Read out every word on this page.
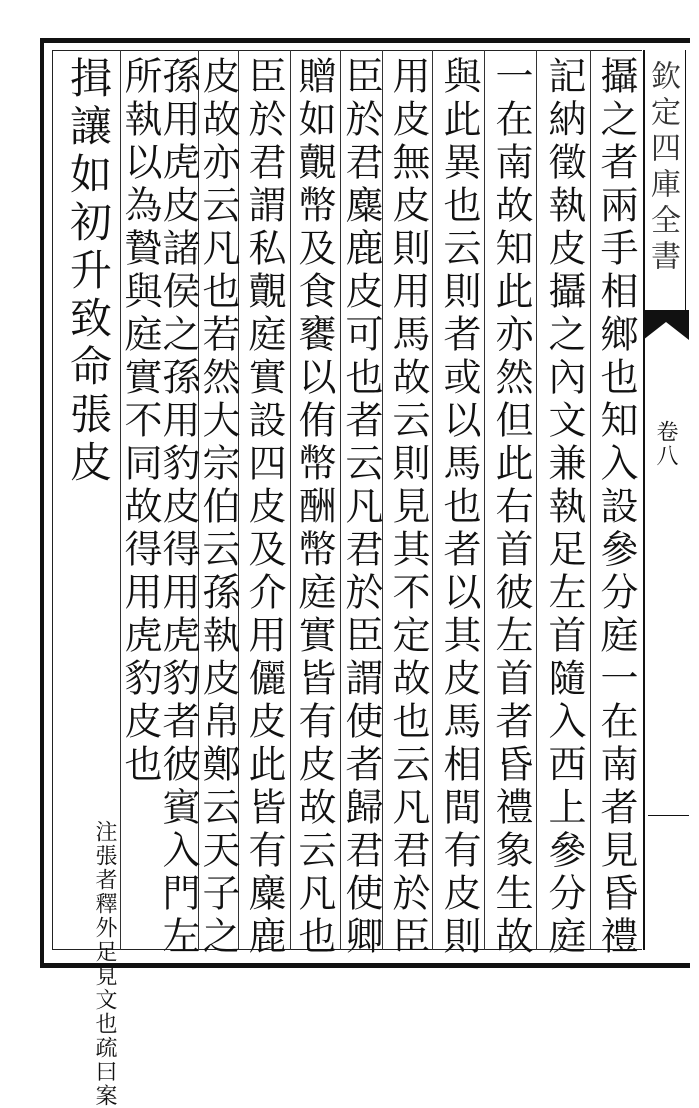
揖讓如初升致命張皮
注張者釋外足見文也疏曰案
孫用虎皮諸侯之孫用豹皮得用虎豹者彼賓入門左
所執以為贄與庭實不同故得用虎豹皮也 皮故亦云凡也若然大宗伯云孫執皮帛鄭云天子之 臣於君謂私覿庭實設四皮及介用儷皮此皆有麋鹿 贈如覿幣及食饔以侑幣酬幣庭實皆有皮故云凡也 臣於君麋鹿皮可也者云凡君於臣謂使者歸君使卿 用皮無皮則用馬故云則見其不定故也云凡君於臣 與此異也云則者或以馬也者以其皮馬相間有皮則 一在南故知此亦然但此右首彼左首者昏禮象生故 記納徵執皮攝之內文兼執足左首隨入西上參分庭 攝之者兩手相鄉也知入設參分庭一在南者見昏禮 欽定四庫全書
卷八
